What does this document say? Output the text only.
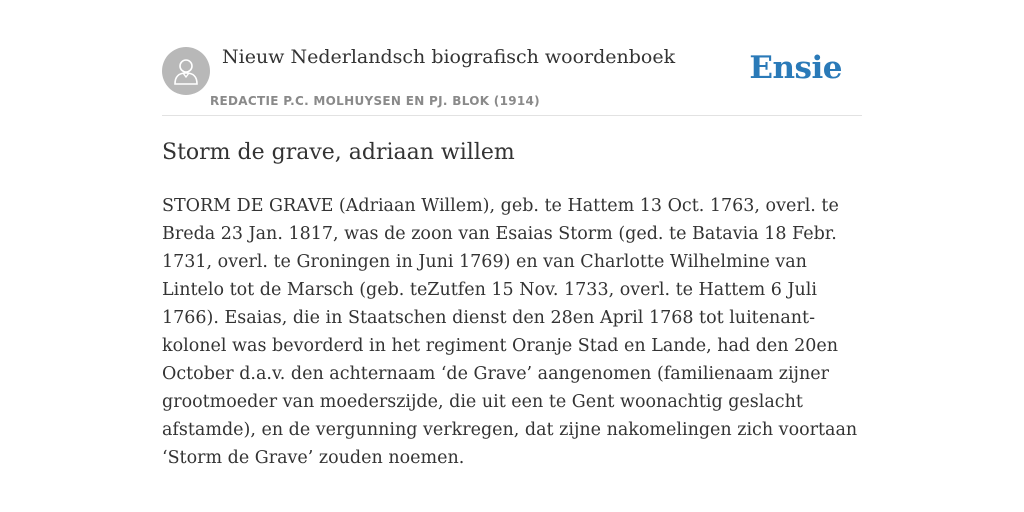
Nieuw Nederlandsch biografisch woordenboek
REDACTIE P.C. MOLHUYSEN EN PJ. BLOK (1914)
Ensie
Storm de grave, adriaan willem

STORM DE GRAVE (Adriaan Willem), geb. te Hattem 13 Oct. 1763, overl. te Breda 23 Jan. 1817, was de zoon van Esaias Storm (ged. te Batavia 18 Febr. 1731, overl. te Groningen in Juni 1769) en van Charlotte Wilhelmine van Lintelo tot de Marsch (geb. teZutfen 15 Nov. 1733, overl. te Hattem 6 Juli 1766). Esaias, die in Staatschen dienst den 28en April 1768 tot luitenant-kolonel was bevorderd in het regiment Oranje Stad en Lande, had den 20en October d.a.v. den achternaam ‘de Grave’ aangenomen (familienaam zijner grootmoeder van moederszijde, die uit een te Gent woonachtig geslacht afstamde), en de vergunning verkregen, dat zijne nakomelingen zich voortaan ‘Storm de Grave’ zouden noemen.
